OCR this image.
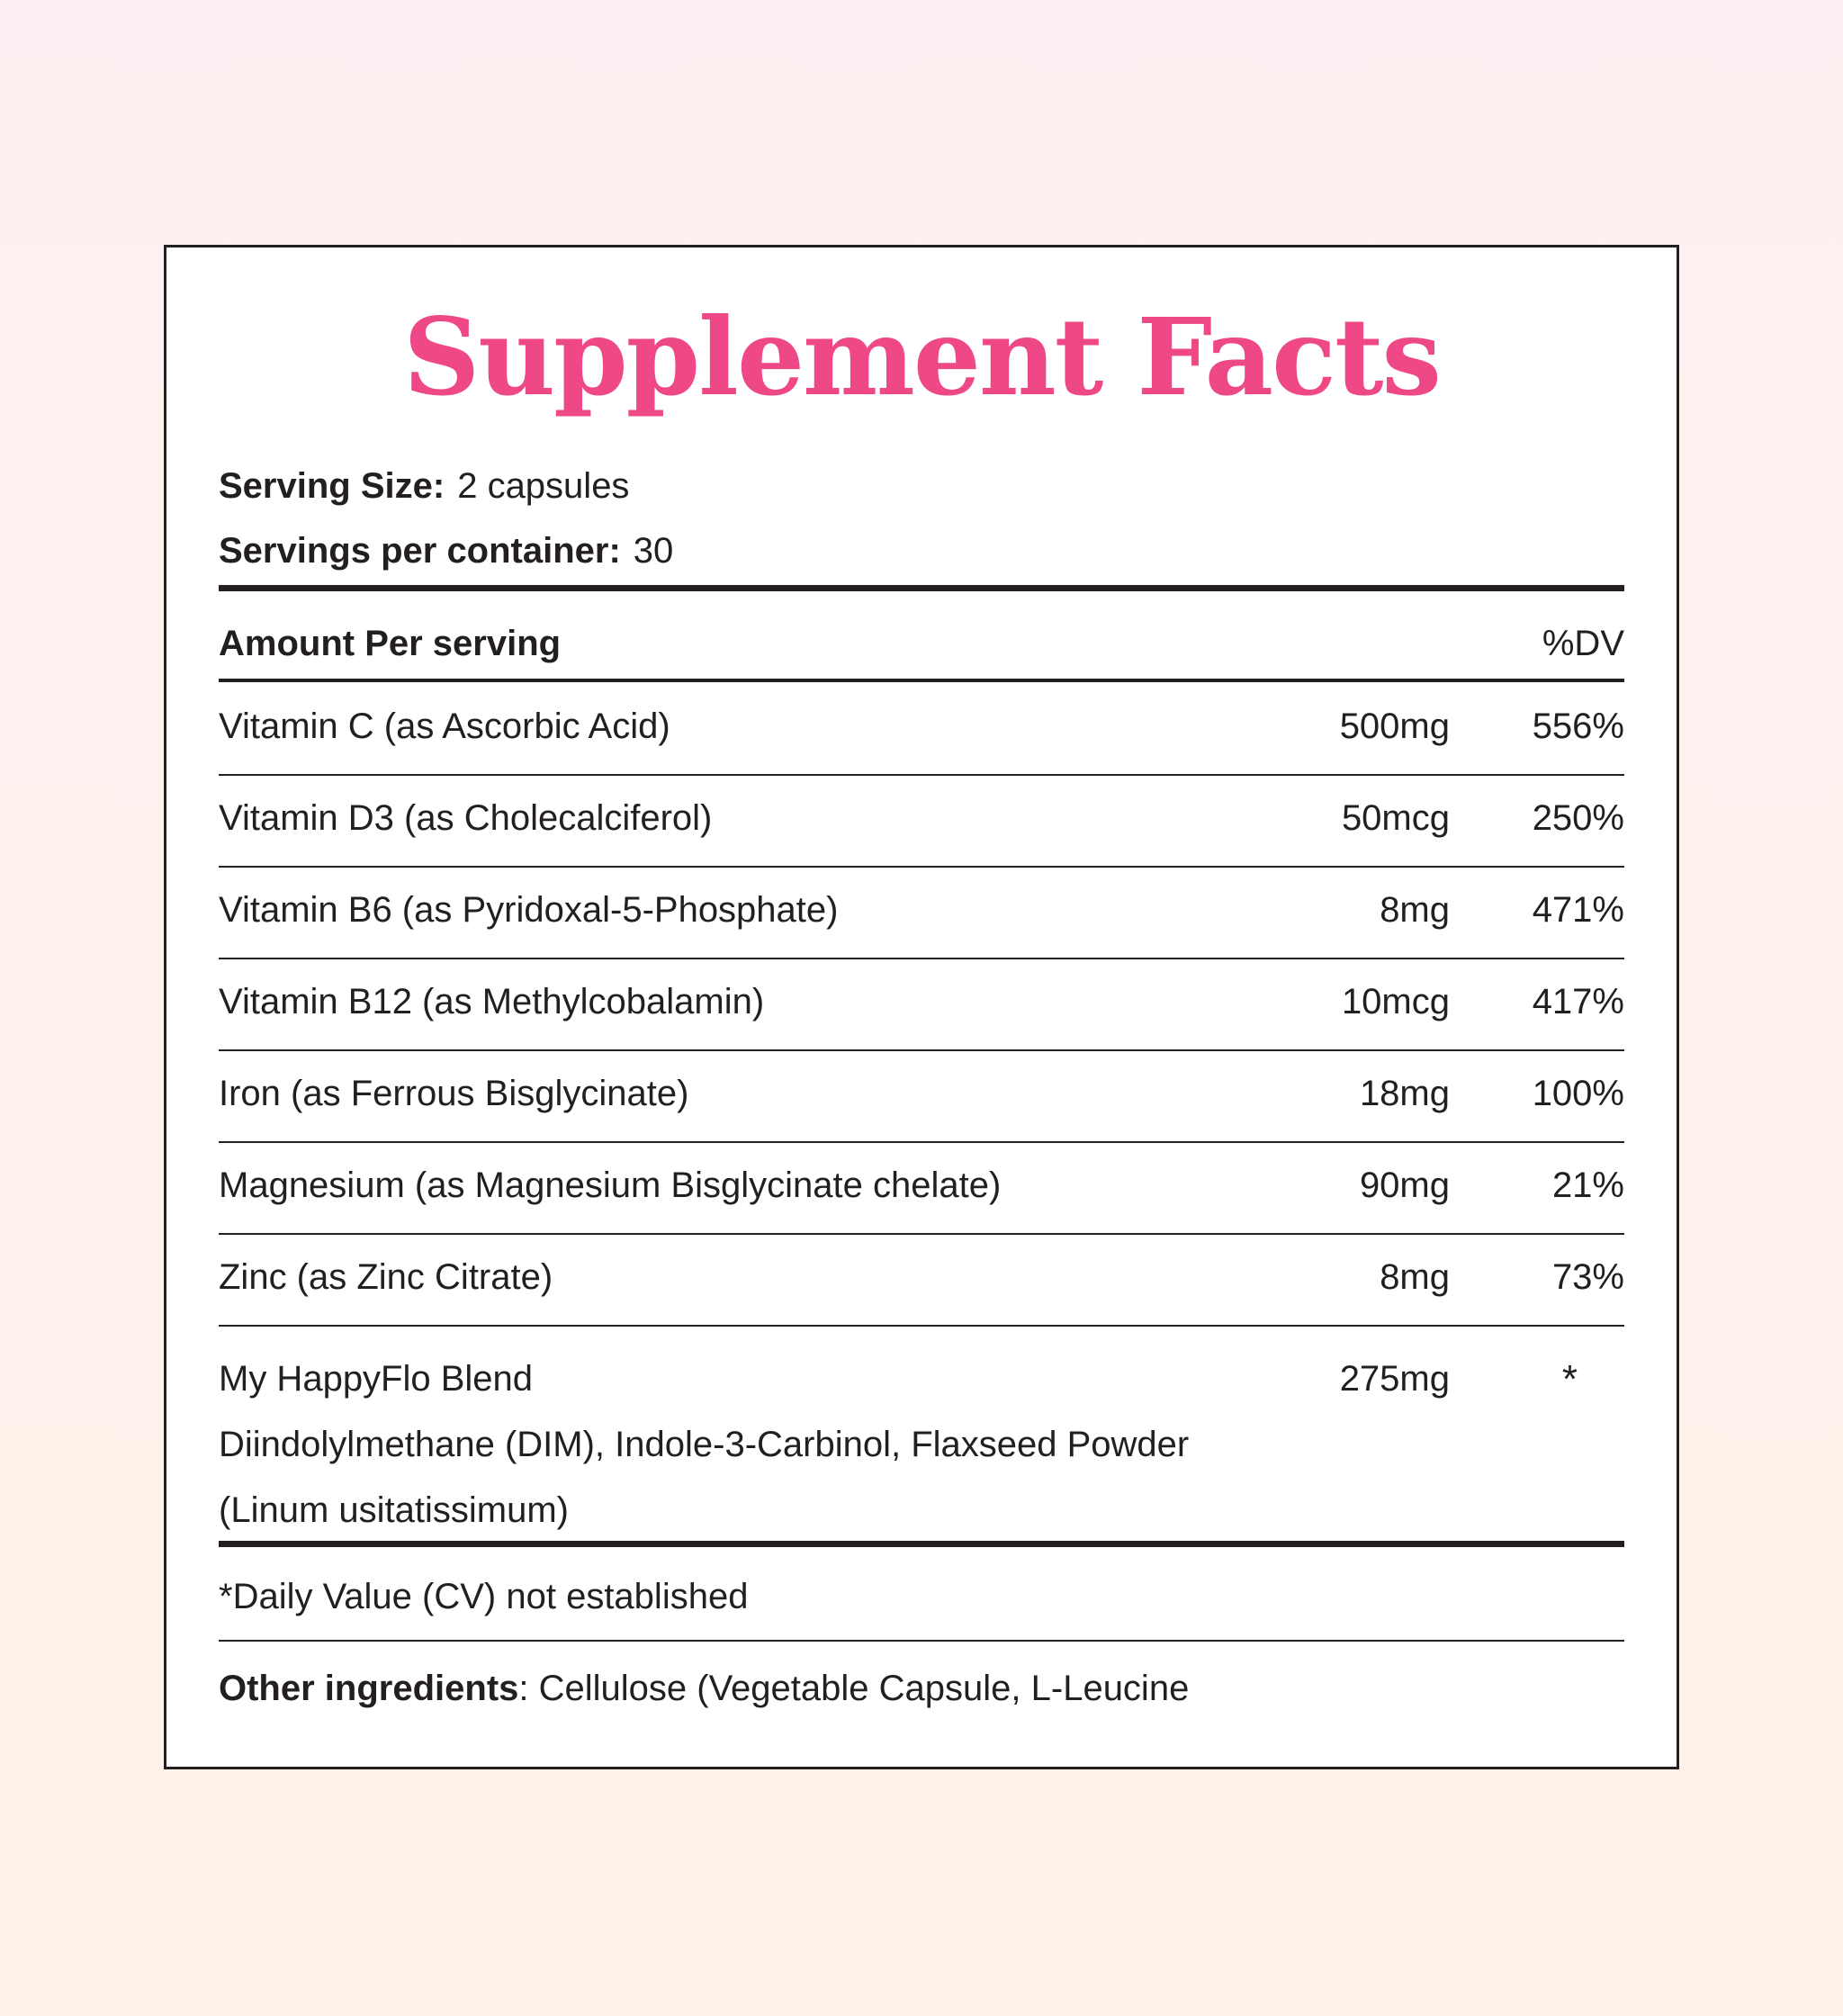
Supplement Facts
Serving Size: 2 capsules
Servings per container: 30
Amount Per serving	%DV
Vitamin C (as Ascorbic Acid)	500mg 556%
Vitamin D3 (as Cholecalciferol)	50mcg 250%
Vitamin B6 (as Pyridoxal-5-Phosphate)	8mg 471%
Vitamin B12 (as Methylcobalamin)	10mcg 417%
Iron (as Ferrous Bisglycinate)	18mg 100%
Magnesium (as Magnesium Bisglycinate chelate)	90mg	21%
Zinc (as Zinc Citrate)	8mg	73%
My HappyFlo Blend	275mg	*
Diindolylmethane (DIM), Indole-3-Carbinol, Flaxseed Powder
(Linum usitatissimum)
*Daily Value (CV) not established
Other ingredients: Cellulose (Vegetable Capsule, L-Leucine
